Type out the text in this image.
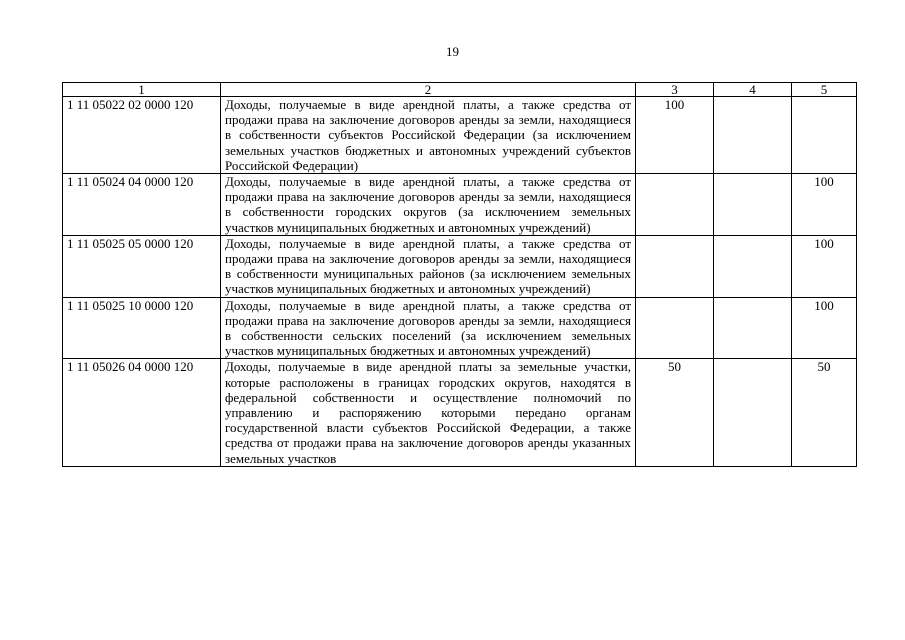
19
1	2	3	4	5
1 11 05022 02 0000 120	Доходы, получаемые в виде арендной платы, а также средства от продажи права на заключение договоров аренды за земли, находящиеся в собственности субъектов Российской Федерации (за исключением земельных участков бюджетных и автономных учреждений субъектов Российской Федерации)	100		
1 11 05024 04 0000 120	Доходы, получаемые в виде арендной платы, а также средства от продажи права на заключение договоров аренды за земли, находящиеся в собственности городских округов (за исключением земельных участков муниципальных бюджетных и автономных учреждений)			100
1 11 05025 05 0000 120	Доходы, получаемые в виде арендной платы, а также средства от продажи права на заключение договоров аренды за земли, находящиеся в собственности муниципальных районов (за исключением земельных участков муниципальных бюджетных и автономных учреждений)			100
1 11 05025 10 0000 120	Доходы, получаемые в виде арендной платы, а также средства от продажи права на заключение договоров аренды за земли, находящиеся в собственности сельских поселений (за исключением земельных участков муниципальных бюджетных и автономных учреждений)			100
1 11 05026 04 0000 120	Доходы, получаемые в виде арендной платы за земельные участки, которые расположены в границах городских округов, находятся в федеральной собственности и осуществление полномочий по управлению и распоряжению которыми передано органам государственной власти субъектов Российской Федерации, а также средства от продажи права на заключение договоров аренды указанных земельных участков	50		50
